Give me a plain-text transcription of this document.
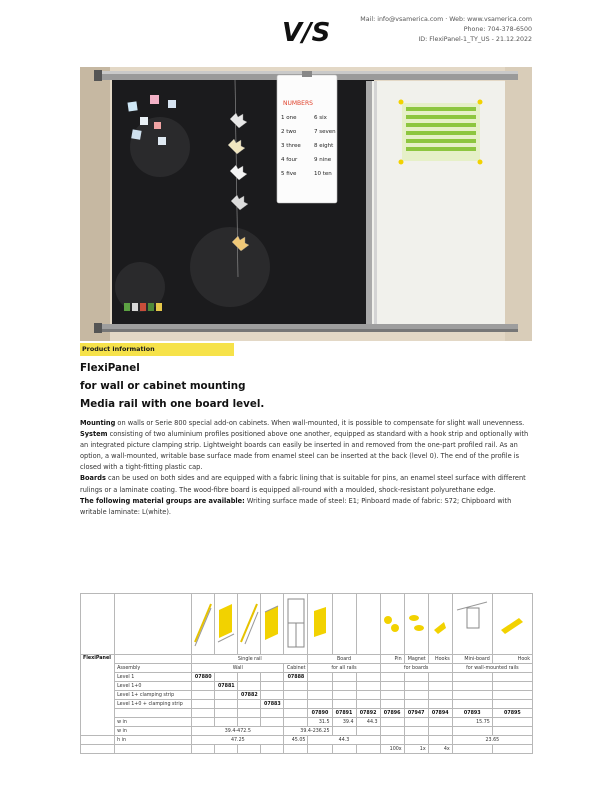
V/S	Mail: info@vsamerica.com · Web: www.vsamerica.com
Phone: 704-378-6500
ID: FlexiPanel-1_TY_US - 21.12.2022
NUMBERS
1 one	6 six
2 two	7 seven
3 three 8 eight
4 four	9 nine
5 five	10 ten
Product information
FlexiPanel
for wall or cabinet mounting
Media rail with one board level.

Mounting on walls or Serie 800 special add-on cabinets. When wall-mounted, it is possible to compensate for slight wall unevenness.

System consisting of two aluminium profiles positioned above one another, equipped as standard with a hook strip and optionally with an integrated picture clamping strip. Lightweight boards can easily be inserted in and removed from the one-part profiled rail. As an option, a wall-mounted, writable base surface made from enamel steel can be inserted at the back (level 0). The end of the profile is closed with a tight-fitting plastic cap.

Boards can be used on both sides and are equipped with a fabric lining that is suitable for pins, an enamel steel surface with different rulings or a laminate coating. The wood-fibre board is equipped all-round with a moulded, shock-resistant polyurethane edge.

The following material groups are available: Writing surface made of steel: E1; Pinboard made of fabric: S72; Chipboard with writable laminate: L(white).

FlexiPanel		Single rail					Board			Pin	Magnet	Hooks	Mini-board	Hook
	Assembly	Wall				Cabinet	for all rails			for boards			for wall-mounted rails	
	Level 1	07880				07888								
	Level 1+0		07881											
	Level 1+ clamping strip			07882										
	Level 1+0 + clamping strip				07883									
							07890	07891	07892	07896	07947	07894	07893	07895
	w in						31.5	39.4	44.3				15.75	
	w in	39.4-472.5				39.4-236.25								
	h in	47.25				45.05	44.3						23.65	
										100x	1x	4x		
